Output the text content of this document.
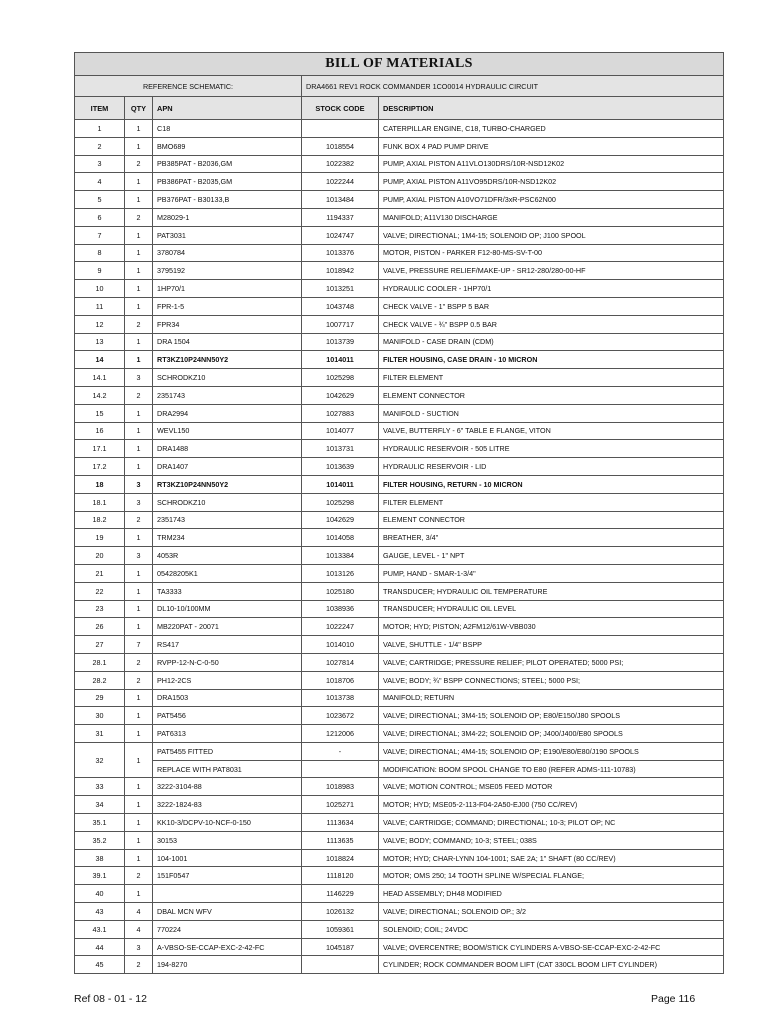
BILL OF MATERIALS				
REFERENCE SCHEMATIC:			DRA4661 REV1 ROCK COMMANDER 1CO0014 HYDRAULIC CIRCUIT	
ITEM	QTY	APN	STOCK CODE	DESCRIPTION
1	1	C18		CATERPILLAR ENGINE, C18, TURBO-CHARGED
2	1	BMO689	1018554	FUNK BOX 4 PAD PUMP DRIVE
3	2	PB385PAT - B2036,GM	1022382	PUMP, AXIAL PISTON A11VLO130DRS/10R-NSD12K02
4	1	PB386PAT - B2035,GM	1022244	PUMP, AXIAL PISTON A11VO95DRS/10R-NSD12K02
5	1	PB376PAT - B30133,B	1013484	PUMP, AXIAL PISTON A10VO71DFR/3xR-PSC62N00
6	2	M28029-1	1194337	MANIFOLD; A11V130 DISCHARGE
7	1	PAT3031	1024747	VALVE; DIRECTIONAL; 1M4-15; SOLENOID OP; J100 SPOOL
8	1	3780784	1013376	MOTOR, PISTON - PARKER F12-80-MS-SV-T-00
9	1	3795192	1018942	VALVE, PRESSURE RELIEF/MAKE-UP - SR12-280/280-00-HF
10	1	1HP70/1	1013251	HYDRAULIC COOLER - 1HP70/1
11	1	FPR-1-5	1043748	CHECK VALVE - 1" BSPP 5 BAR
12	2	FPR34	1007717	CHECK VALVE - ¾" BSPP 0.5 BAR
13	1	DRA 1504	1013739	MANIFOLD - CASE DRAIN (CDM)
14	1	RT3KZ10P24NN50Y2	1014011	FILTER HOUSING, CASE DRAIN - 10 MICRON
14.1	3	SCHRODKZ10	1025298	FILTER ELEMENT
14.2	2	2351743	1042629	ELEMENT CONNECTOR
15	1	DRA2994	1027883	MANIFOLD - SUCTION
16	1	WEVL150	1014077	VALVE, BUTTERFLY - 6" TABLE E FLANGE, VITON
17.1	1	DRA1488	1013731	HYDRAULIC RESERVOIR - 505 LITRE
17.2	1	DRA1407	1013639	HYDRAULIC RESERVOIR - LID
18	3	RT3KZ10P24NN50Y2	1014011	FILTER HOUSING, RETURN - 10 MICRON
18.1	3	SCHRODKZ10	1025298	FILTER ELEMENT
18.2	2	2351743	1042629	ELEMENT CONNECTOR
19	1	TRM234	1014058	BREATHER, 3/4"
20	3	4053R	1013384	GAUGE, LEVEL - 1" NPT
21	1	05428205K1	1013126	PUMP, HAND - SMAR-1-3/4"
22	1	TA3333	1025180	TRANSDUCER; HYDRAULIC OIL TEMPERATURE
23	1	DL10-10/100MM	1038936	TRANSDUCER; HYDRAULIC OIL LEVEL
26	1	MB220PAT - 20071	1022247	MOTOR; HYD; PISTON; A2FM12/61W-VBB030
27	7	RS417	1014010	VALVE, SHUTTLE - 1/4" BSPP
28.1	2	RVPP-12-N-C-0-50	1027814	VALVE; CARTRIDGE; PRESSURE RELIEF; PILOT OPERATED; 5000 PSI;
28.2	2	PH12-2CS	1018706	VALVE; BODY; ¾" BSPP CONNECTIONS; STEEL; 5000 PSI;
29	1	DRA1503	1013738	MANIFOLD; RETURN
30	1	PAT5456	1023672	VALVE; DIRECTIONAL; 3M4-15; SOLENOID OP; E80/E150/J80 SPOOLS
31	1	PAT6313	1212006	VALVE; DIRECTIONAL; 3M4-22; SOLENOID OP; J400/J400/E80 SPOOLS
32	1	PAT5455 FITTED	-	VALVE; DIRECTIONAL; 4M4-15; SOLENOID OP; E190/E80/E80/J190 SPOOLS
		REPLACE WITH PAT8031		MODIFICATION: BOOM SPOOL CHANGE TO E80 (REFER ADMS-111-10783)
33	1	3222-3104-88	1018983	VALVE; MOTION CONTROL; MSE05 FEED MOTOR
34	1	3222-1824-83	1025271	MOTOR; HYD; MSE05-2-113-F04-2A50-EJ00 (750 CC/REV)
35.1	1	KK10-3/DCPV-10-NCF-0-150	1113634	VALVE; CARTRIDGE; COMMAND; DIRECTIONAL; 10-3; PILOT OP; NC
35.2	1	30153	1113635	VALVE; BODY; COMMAND; 10-3; STEEL; 038S
38	1	104-1001	1018824	MOTOR; HYD; CHAR-LYNN 104-1001; SAE 2A; 1" SHAFT (80 CC/REV)
39.1	2	151F0547	1118120	MOTOR; OMS 250; 14 TOOTH SPLINE W/SPECIAL FLANGE;
40	1		1146229	HEAD ASSEMBLY; DH48 MODIFIED
43	4	DBAL MCN WFV	1026132	VALVE; DIRECTIONAL; SOLENOID OP.; 3/2
43.1	4	770224	1059361	SOLENOID; COIL; 24VDC
44	3	A-VBSO-SE-CCAP-EXC-2-42-FC	1045187	VALVE; OVERCENTRE; BOOM/STICK CYLINDERS A-VBSO-SE-CCAP-EXC-2-42-FC
45	2	194-8270		CYLINDER; ROCK COMMANDER BOOM LIFT (CAT 330CL BOOM LIFT CYLINDER)
Ref 08 - 01 - 12	Page 116
